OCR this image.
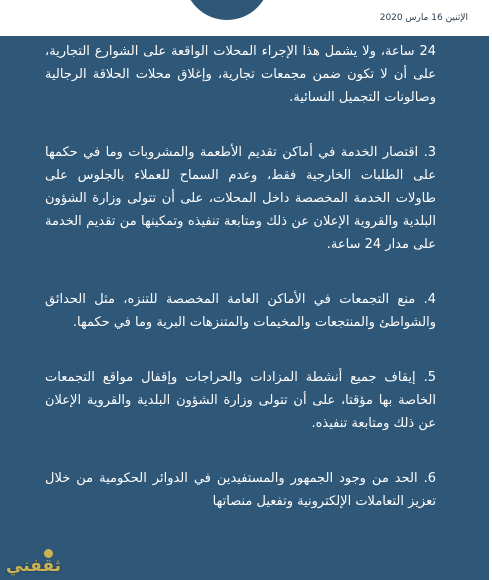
الإثنين 16 مارس 2020

24 ساعة، ولا يشمل هذا الإجراء المحلات الواقعة على الشوارع التجارية، على أن لا تكون ضمن مجمعات تجارية، وإغلاق محلات الحلاقة الرجالية وصالونات التجميل النسائية.

3. اقتصار الخدمة في أماكن تقديم الأطعمة والمشروبات وما في حكمها على الطلبات الخارجية فقط، وعدم السماح للعملاء بالجلوس على طاولات الخدمة المخصصة داخل المحلات، على أن تتولى وزارة الشؤون البلدية والقروية الإعلان عن ذلك ومتابعة تنفيذه وتمكينها من تقديم الخدمة على مدار 24 ساعة.

4. منع التجمعات في الأماكن العامة المخصصة للتنزه، مثل الحدائق والشواطئ والمنتجعات والمخيمات والمتنزهات البرية وما في حكمها.

5. إيقاف جميع أنشطة المزادات والحراجات وإقفال مواقع التجمعات الخاصة بها مؤقتا، على أن تتولى وزارة الشؤون البلدية والقروية الإعلان عن ذلك ومتابعة تنفيذه.

6. الحد من وجود الجمهور والمستفيدين في الدوائر الحكومية من خلال تعزيز التعاملات الإلكترونية وتفعيل منصاتها

ثقفني
